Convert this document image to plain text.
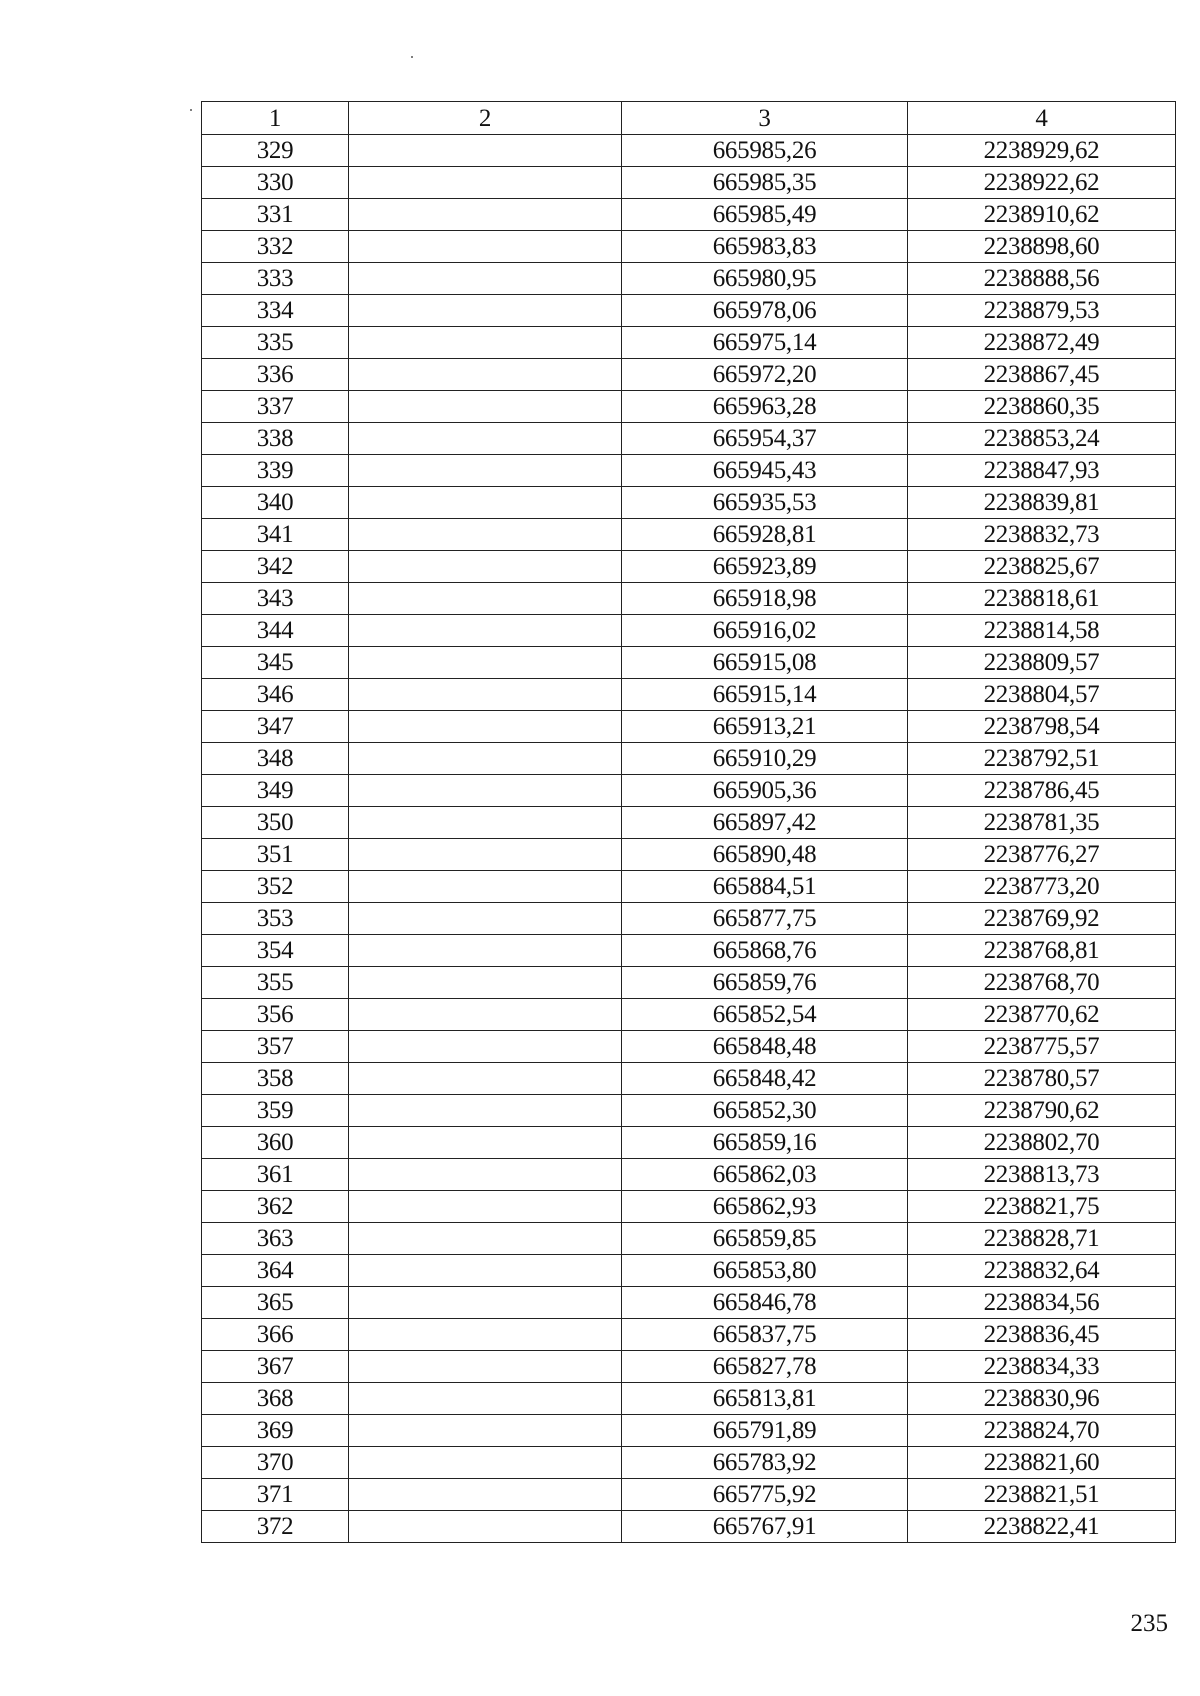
1	2	3	4
329		665985,26	2238929,62
330		665985,35	2238922,62
331		665985,49	2238910,62
332		665983,83	2238898,60
333		665980,95	2238888,56
334		665978,06	2238879,53
335		665975,14	2238872,49
336		665972,20	2238867,45
337		665963,28	2238860,35
338		665954,37	2238853,24
339		665945,43	2238847,93
340		665935,53	2238839,81
341		665928,81	2238832,73
342		665923,89	2238825,67
343		665918,98	2238818,61
344		665916,02	2238814,58
345		665915,08	2238809,57
346		665915,14	2238804,57
347		665913,21	2238798,54
348		665910,29	2238792,51
349		665905,36	2238786,45
350		665897,42	2238781,35
351		665890,48	2238776,27
352		665884,51	2238773,20
353		665877,75	2238769,92
354		665868,76	2238768,81
355		665859,76	2238768,70
356		665852,54	2238770,62
357		665848,48	2238775,57
358		665848,42	2238780,57
359		665852,30	2238790,62
360		665859,16	2238802,70
361		665862,03	2238813,73
362		665862,93	2238821,75
363		665859,85	2238828,71
364		665853,80	2238832,64
365		665846,78	2238834,56
366		665837,75	2238836,45
367		665827,78	2238834,33
368		665813,81	2238830,96
369		665791,89	2238824,70
370		665783,92	2238821,60
371		665775,92	2238821,51
372		665767,91	2238822,41
235
